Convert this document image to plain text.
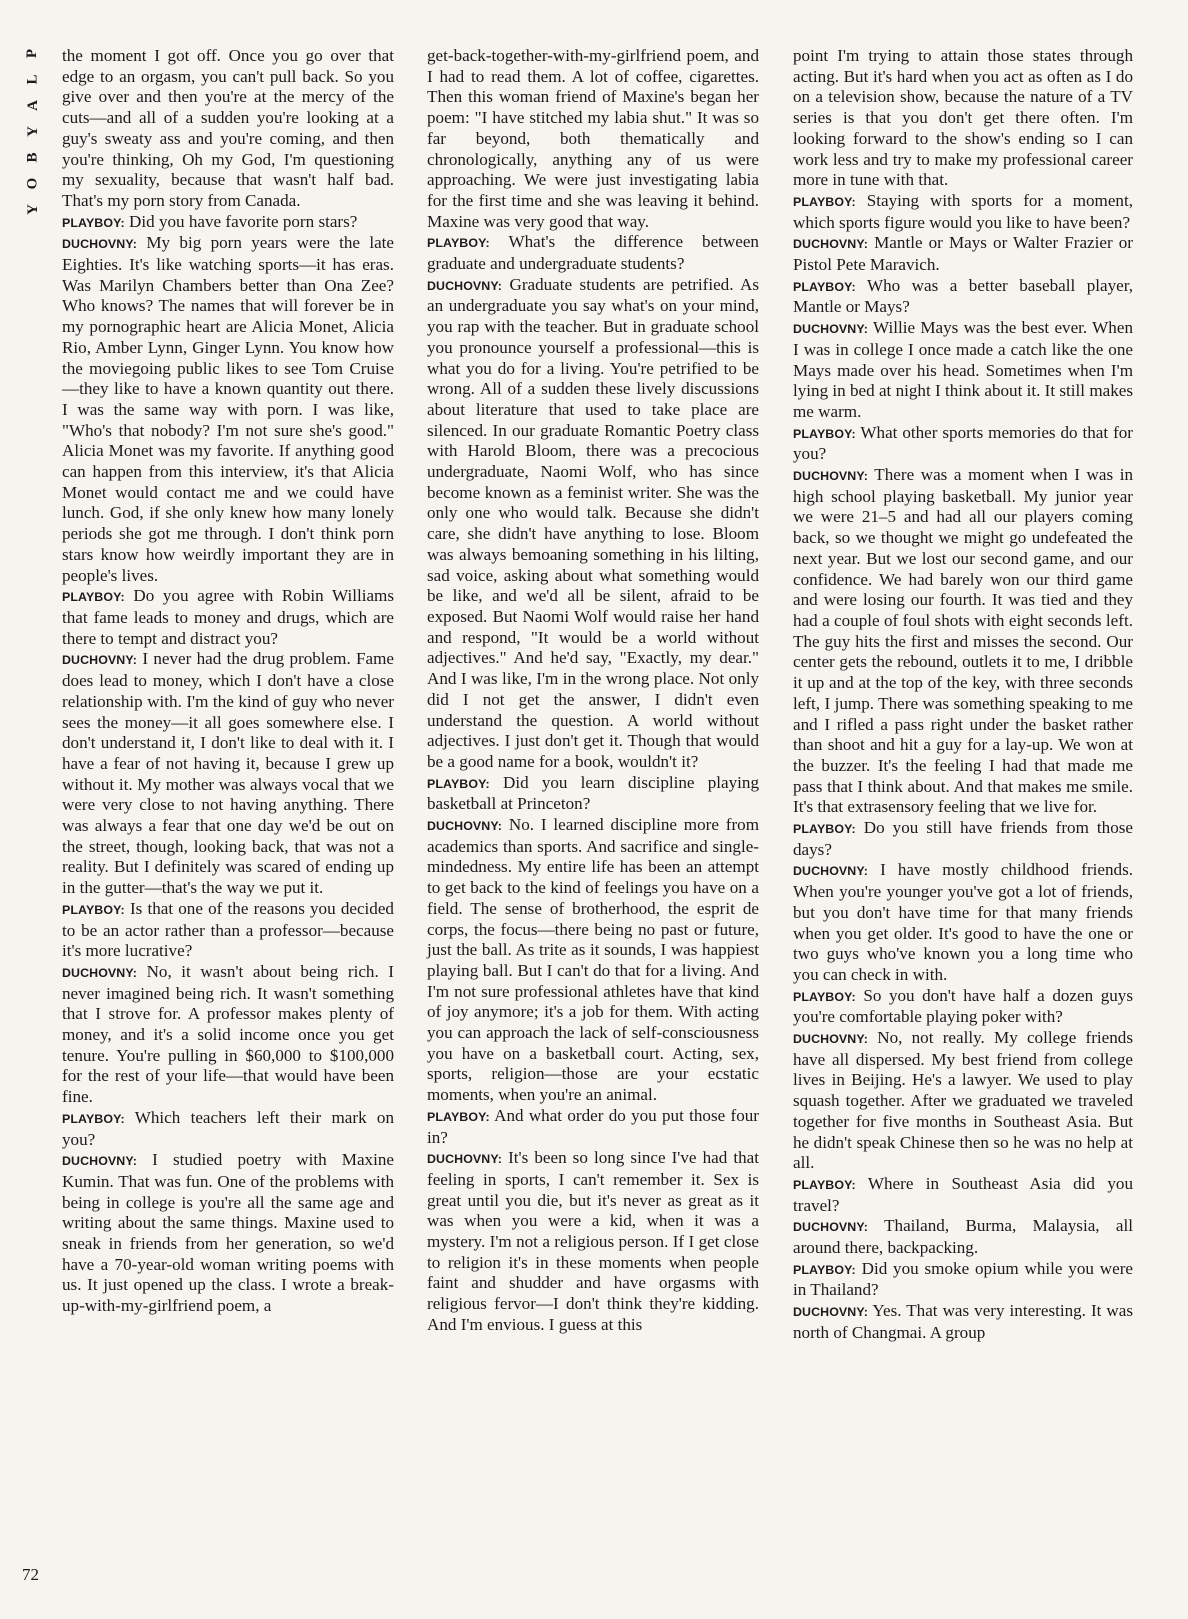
P
L
A
Y
B
O
Y

the moment I got off. Once you go over that edge to an orgasm, you can't pull back. So you give over and then you're at the mercy of the cuts—and all of a sudden you're looking at a guy's sweaty ass and you're coming, and then you're thinking, Oh my God, I'm questioning my sexuality, because that wasn't half bad. That's my porn story from Canada.

PLAYBOY: Did you have favorite porn stars?

DUCHOVNY: My big porn years were the late Eighties. It's like watching sports—it has eras. Was Marilyn Chambers better than Ona Zee? Who knows? The names that will forever be in my pornographic heart are Alicia Monet, Alicia Rio, Amber Lynn, Ginger Lynn. You know how the moviegoing public likes to see Tom Cruise—they like to have a known quantity out there. I was the same way with porn. I was like, "Who's that nobody? I'm not sure she's good." Alicia Monet was my favorite. If anything good can happen from this interview, it's that Alicia Monet would contact me and we could have lunch. God, if she only knew how many lonely periods she got me through. I don't think porn stars know how weirdly important they are in people's lives.

PLAYBOY: Do you agree with Robin Williams that fame leads to money and drugs, which are there to tempt and distract you?

DUCHOVNY: I never had the drug problem. Fame does lead to money, which I don't have a close relationship with. I'm the kind of guy who never sees the money—it all goes somewhere else. I don't understand it, I don't like to deal with it. I have a fear of not having it, because I grew up without it. My mother was always vocal that we were very close to not having anything. There was always a fear that one day we'd be out on the street, though, looking back, that was not a reality. But I definitely was scared of ending up in the gutter—that's the way we put it.

PLAYBOY: Is that one of the reasons you decided to be an actor rather than a professor—because it's more lucrative?

DUCHOVNY: No, it wasn't about being rich. I never imagined being rich. It wasn't something that I strove for. A professor makes plenty of money, and it's a solid income once you get tenure. You're pulling in $60,000 to $100,000 for the rest of your life—that would have been fine.

PLAYBOY: Which teachers left their mark on you?

DUCHOVNY: I studied poetry with Maxine Kumin. That was fun. One of the problems with being in college is you're all the same age and writing about the same things. Maxine used to sneak in friends from her generation, so we'd have a 70-year-old woman writing poems with us. It just opened up the class. I wrote a break-up-with-my-girlfriend poem, a

get-back-together-with-my-girlfriend poem, and I had to read them. A lot of coffee, cigarettes. Then this woman friend of Maxine's began her poem: "I have stitched my labia shut." It was so far beyond, both thematically and chronologically, anything any of us were approaching. We were just investigating labia for the first time and she was leaving it behind. Maxine was very good that way.

PLAYBOY: What's the difference between graduate and undergraduate students?

DUCHOVNY: Graduate students are petrified. As an undergraduate you say what's on your mind, you rap with the teacher. But in graduate school you pronounce yourself a professional—this is what you do for a living. You're petrified to be wrong. All of a sudden these lively discussions about literature that used to take place are silenced. In our graduate Romantic Poetry class with Harold Bloom, there was a precocious undergraduate, Naomi Wolf, who has since become known as a feminist writer. She was the only one who would talk. Because she didn't care, she didn't have anything to lose. Bloom was always bemoaning something in his lilting, sad voice, asking about what something would be like, and we'd all be silent, afraid to be exposed. But Naomi Wolf would raise her hand and respond, "It would be a world without adjectives." And he'd say, "Exactly, my dear." And I was like, I'm in the wrong place. Not only did I not get the answer, I didn't even understand the question. A world without adjectives. I just don't get it. Though that would be a good name for a book, wouldn't it?

PLAYBOY: Did you learn discipline playing basketball at Princeton?

DUCHOVNY: No. I learned discipline more from academics than sports. And sacrifice and single-mindedness. My entire life has been an attempt to get back to the kind of feelings you have on a field. The sense of brotherhood, the esprit de corps, the focus—there being no past or future, just the ball. As trite as it sounds, I was happiest playing ball. But I can't do that for a living. And I'm not sure professional athletes have that kind of joy anymore; it's a job for them. With acting you can approach the lack of self-consciousness you have on a basketball court. Acting, sex, sports, religion—those are your ecstatic moments, when you're an animal.

PLAYBOY: And what order do you put those four in?

DUCHOVNY: It's been so long since I've had that feeling in sports, I can't remember it. Sex is great until you die, but it's never as great as it was when you were a kid, when it was a mystery. I'm not a religious person. If I get close to religion it's in these moments when people faint and shudder and have orgasms with religious fervor—I don't think they're kidding. And I'm envious. I guess at this

point I'm trying to attain those states through acting. But it's hard when you act as often as I do on a television show, because the nature of a TV series is that you don't get there often. I'm looking forward to the show's ending so I can work less and try to make my professional career more in tune with that.

PLAYBOY: Staying with sports for a moment, which sports figure would you like to have been?

DUCHOVNY: Mantle or Mays or Walter Frazier or Pistol Pete Maravich.

PLAYBOY: Who was a better baseball player, Mantle or Mays?

DUCHOVNY: Willie Mays was the best ever. When I was in college I once made a catch like the one Mays made over his head. Sometimes when I'm lying in bed at night I think about it. It still makes me warm.

PLAYBOY: What other sports memories do that for you?

DUCHOVNY: There was a moment when I was in high school playing basketball. My junior year we were 21–5 and had all our players coming back, so we thought we might go undefeated the next year. But we lost our second game, and our confidence. We had barely won our third game and were losing our fourth. It was tied and they had a couple of foul shots with eight seconds left. The guy hits the first and misses the second. Our center gets the rebound, outlets it to me, I dribble it up and at the top of the key, with three seconds left, I jump. There was something speaking to me and I rifled a pass right under the basket rather than shoot and hit a guy for a lay-up. We won at the buzzer. It's the feeling I had that made me pass that I think about. And that makes me smile. It's that extrasensory feeling that we live for.

PLAYBOY: Do you still have friends from those days?

DUCHOVNY: I have mostly childhood friends. When you're younger you've got a lot of friends, but you don't have time for that many friends when you get older. It's good to have the one or two guys who've known you a long time who you can check in with.

PLAYBOY: So you don't have half a dozen guys you're comfortable playing poker with?

DUCHOVNY: No, not really. My college friends have all dispersed. My best friend from college lives in Beijing. He's a lawyer. We used to play squash together. After we graduated we traveled together for five months in Southeast Asia. But he didn't speak Chinese then so he was no help at all.

PLAYBOY: Where in Southeast Asia did you travel?

DUCHOVNY: Thailand, Burma, Malaysia, all around there, backpacking.

PLAYBOY: Did you smoke opium while you were in Thailand?

DUCHOVNY: Yes. That was very interesting. It was north of Changmai. A group

72
